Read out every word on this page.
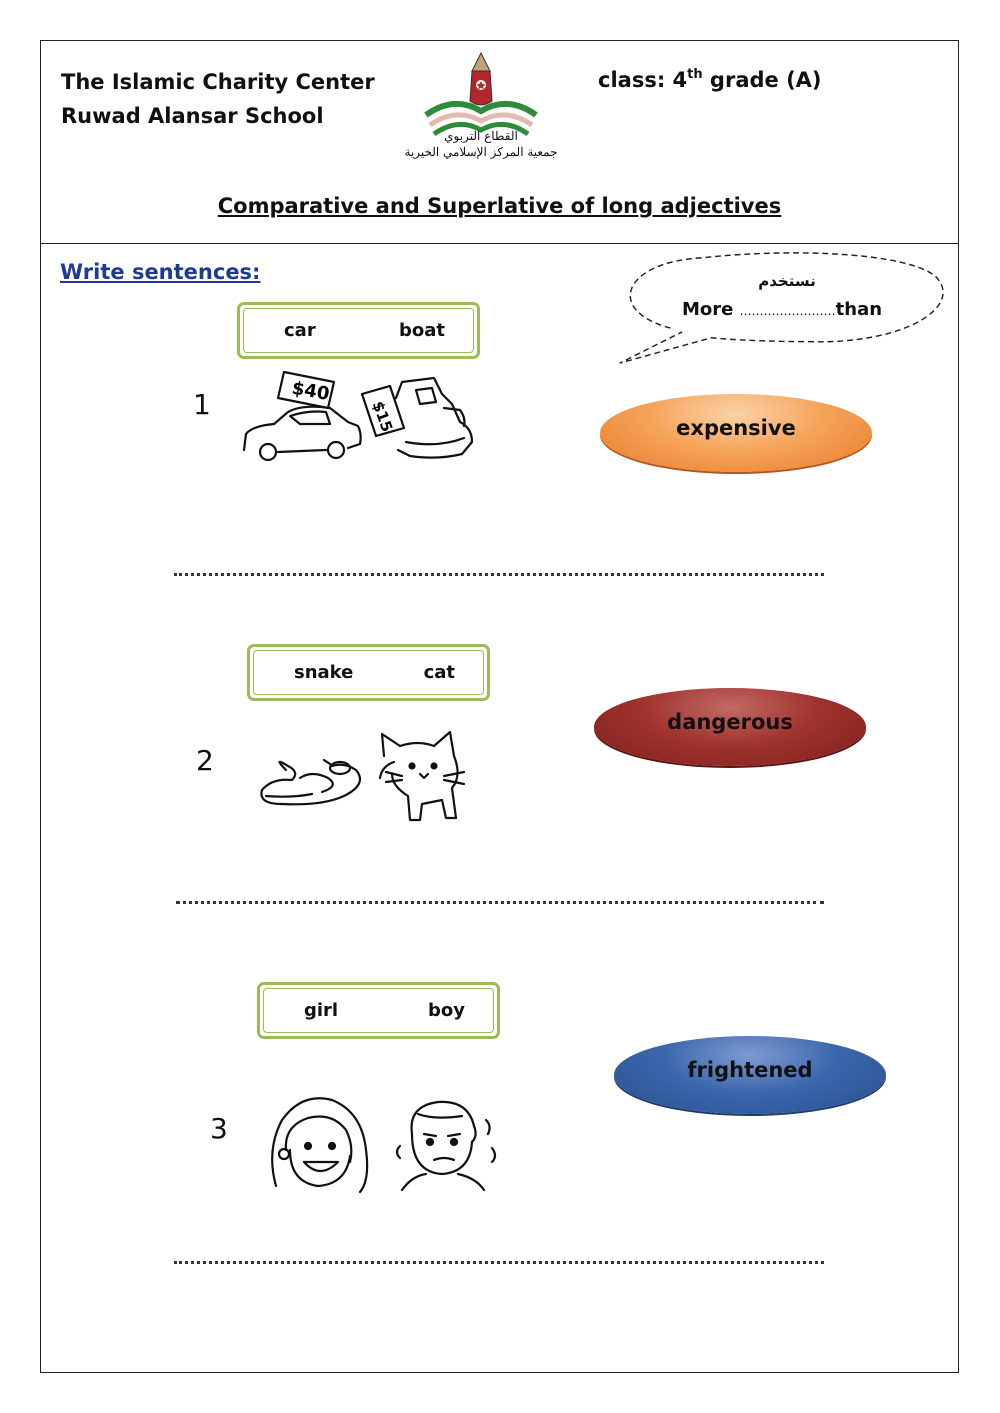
The Islamic Charity Center
Ruwad Alansar School
القطاع التربوي
جمعية المركز الإسلامي الخيرية
class: 4th grade (A)
Comparative and Superlative of long adjectives
Write sentences:	نستخدم
More ……………………than
car	boat
1	$40
$15	expensive
snake	cat
2
dangerous
girl	boy
3
frightened
